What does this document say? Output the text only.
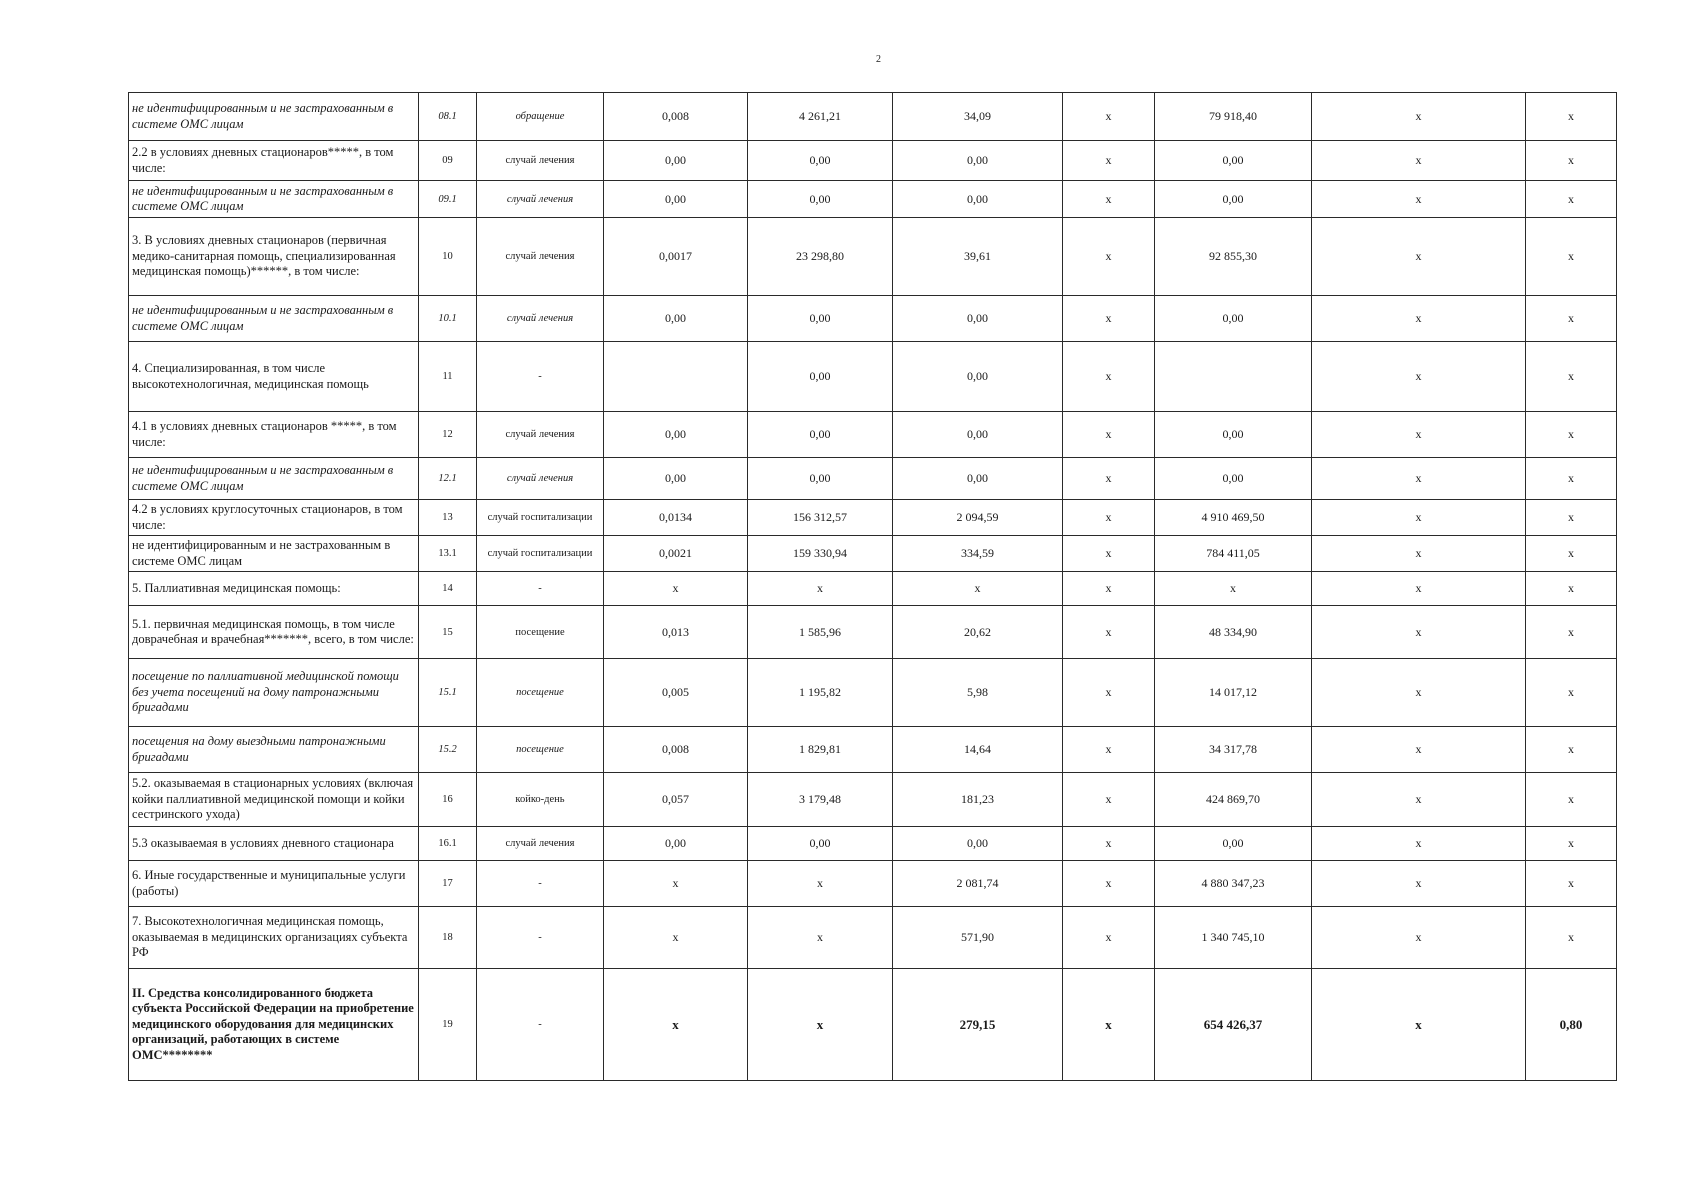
2
не идентифицированным и не застрахованным в системе ОМС лицам	08.1	обращение	0,008	4 261,21	34,09	x	79 918,40	x	x
2.2 в условиях дневных стационаров*****, в том числе:	09	случай лечения	0,00	0,00	0,00	x	0,00	x	x
не идентифицированным и не застрахованным в системе ОМС лицам	09.1	случай лечения	0,00	0,00	0,00	x	0,00	x	x
3. В условиях дневных стационаров (первичная медико-санитарная помощь, специализированная медицинская помощь)******, в том числе:	10	случай лечения	0,0017	23 298,80	39,61	x	92 855,30	x	x
не идентифицированным и не застрахованным в системе ОМС лицам	10.1	случай лечения	0,00	0,00	0,00	x	0,00	x	x
4. Специализированная, в том числе высокотехнологичная, медицинская помощь	11	-		0,00	0,00	x		x	x
4.1 в условиях дневных стационаров *****, в том числе:	12	случай лечения	0,00	0,00	0,00	x	0,00	x	x
не идентифицированным и не застрахованным в системе ОМС лицам	12.1	случай лечения	0,00	0,00	0,00	x	0,00	x	x
4.2 в условиях круглосуточных стационаров, в том числе:	13	случай госпитализации	0,0134	156 312,57	2 094,59	x	4 910 469,50	x	x
не идентифицированным и не застрахованным в системе ОМС лицам	13.1	случай госпитализации	0,0021	159 330,94	334,59	x	784 411,05	x	x
5. Паллиативная медицинская помощь:	14	-	x	x	x	x	x	x	x
5.1. первичная медицинская помощь, в том числе доврачебная и врачебная*******, всего, в том числе:	15	посещение	0,013	1 585,96	20,62	x	48 334,90	x	x
посещение по паллиативной медицинской помощи без учета посещений на дому патронажными бригадами	15.1	посещение	0,005	1 195,82	5,98	x	14 017,12	x	x
посещения на дому выездными патронажными бригадами	15.2	посещение	0,008	1 829,81	14,64	x	34 317,78	x	x
5.2. оказываемая в стационарных условиях (включая койки паллиативной медицинской помощи и койки сестринского ухода)	16	койко-день	0,057	3 179,48	181,23	x	424 869,70	x	x
5.3 оказываемая в условиях дневного стационара	16.1	случай лечения	0,00	0,00	0,00	x	0,00	x	x
6. Иные государственные и муниципальные услуги (работы)	17	-	x	x	2 081,74	x	4 880 347,23	x	x
7. Высокотехнологичная медицинская помощь, оказываемая в медицинских организациях субъекта РФ	18	-	x	x	571,90	x	1 340 745,10	x	x
II. Средства консолидированного бюджета субъекта Российской Федерации на приобретение медицинского оборудования для медицинских организаций, работающих в системе ОМС********	19	-	x	x	279,15	x	654 426,37	x	0,80
